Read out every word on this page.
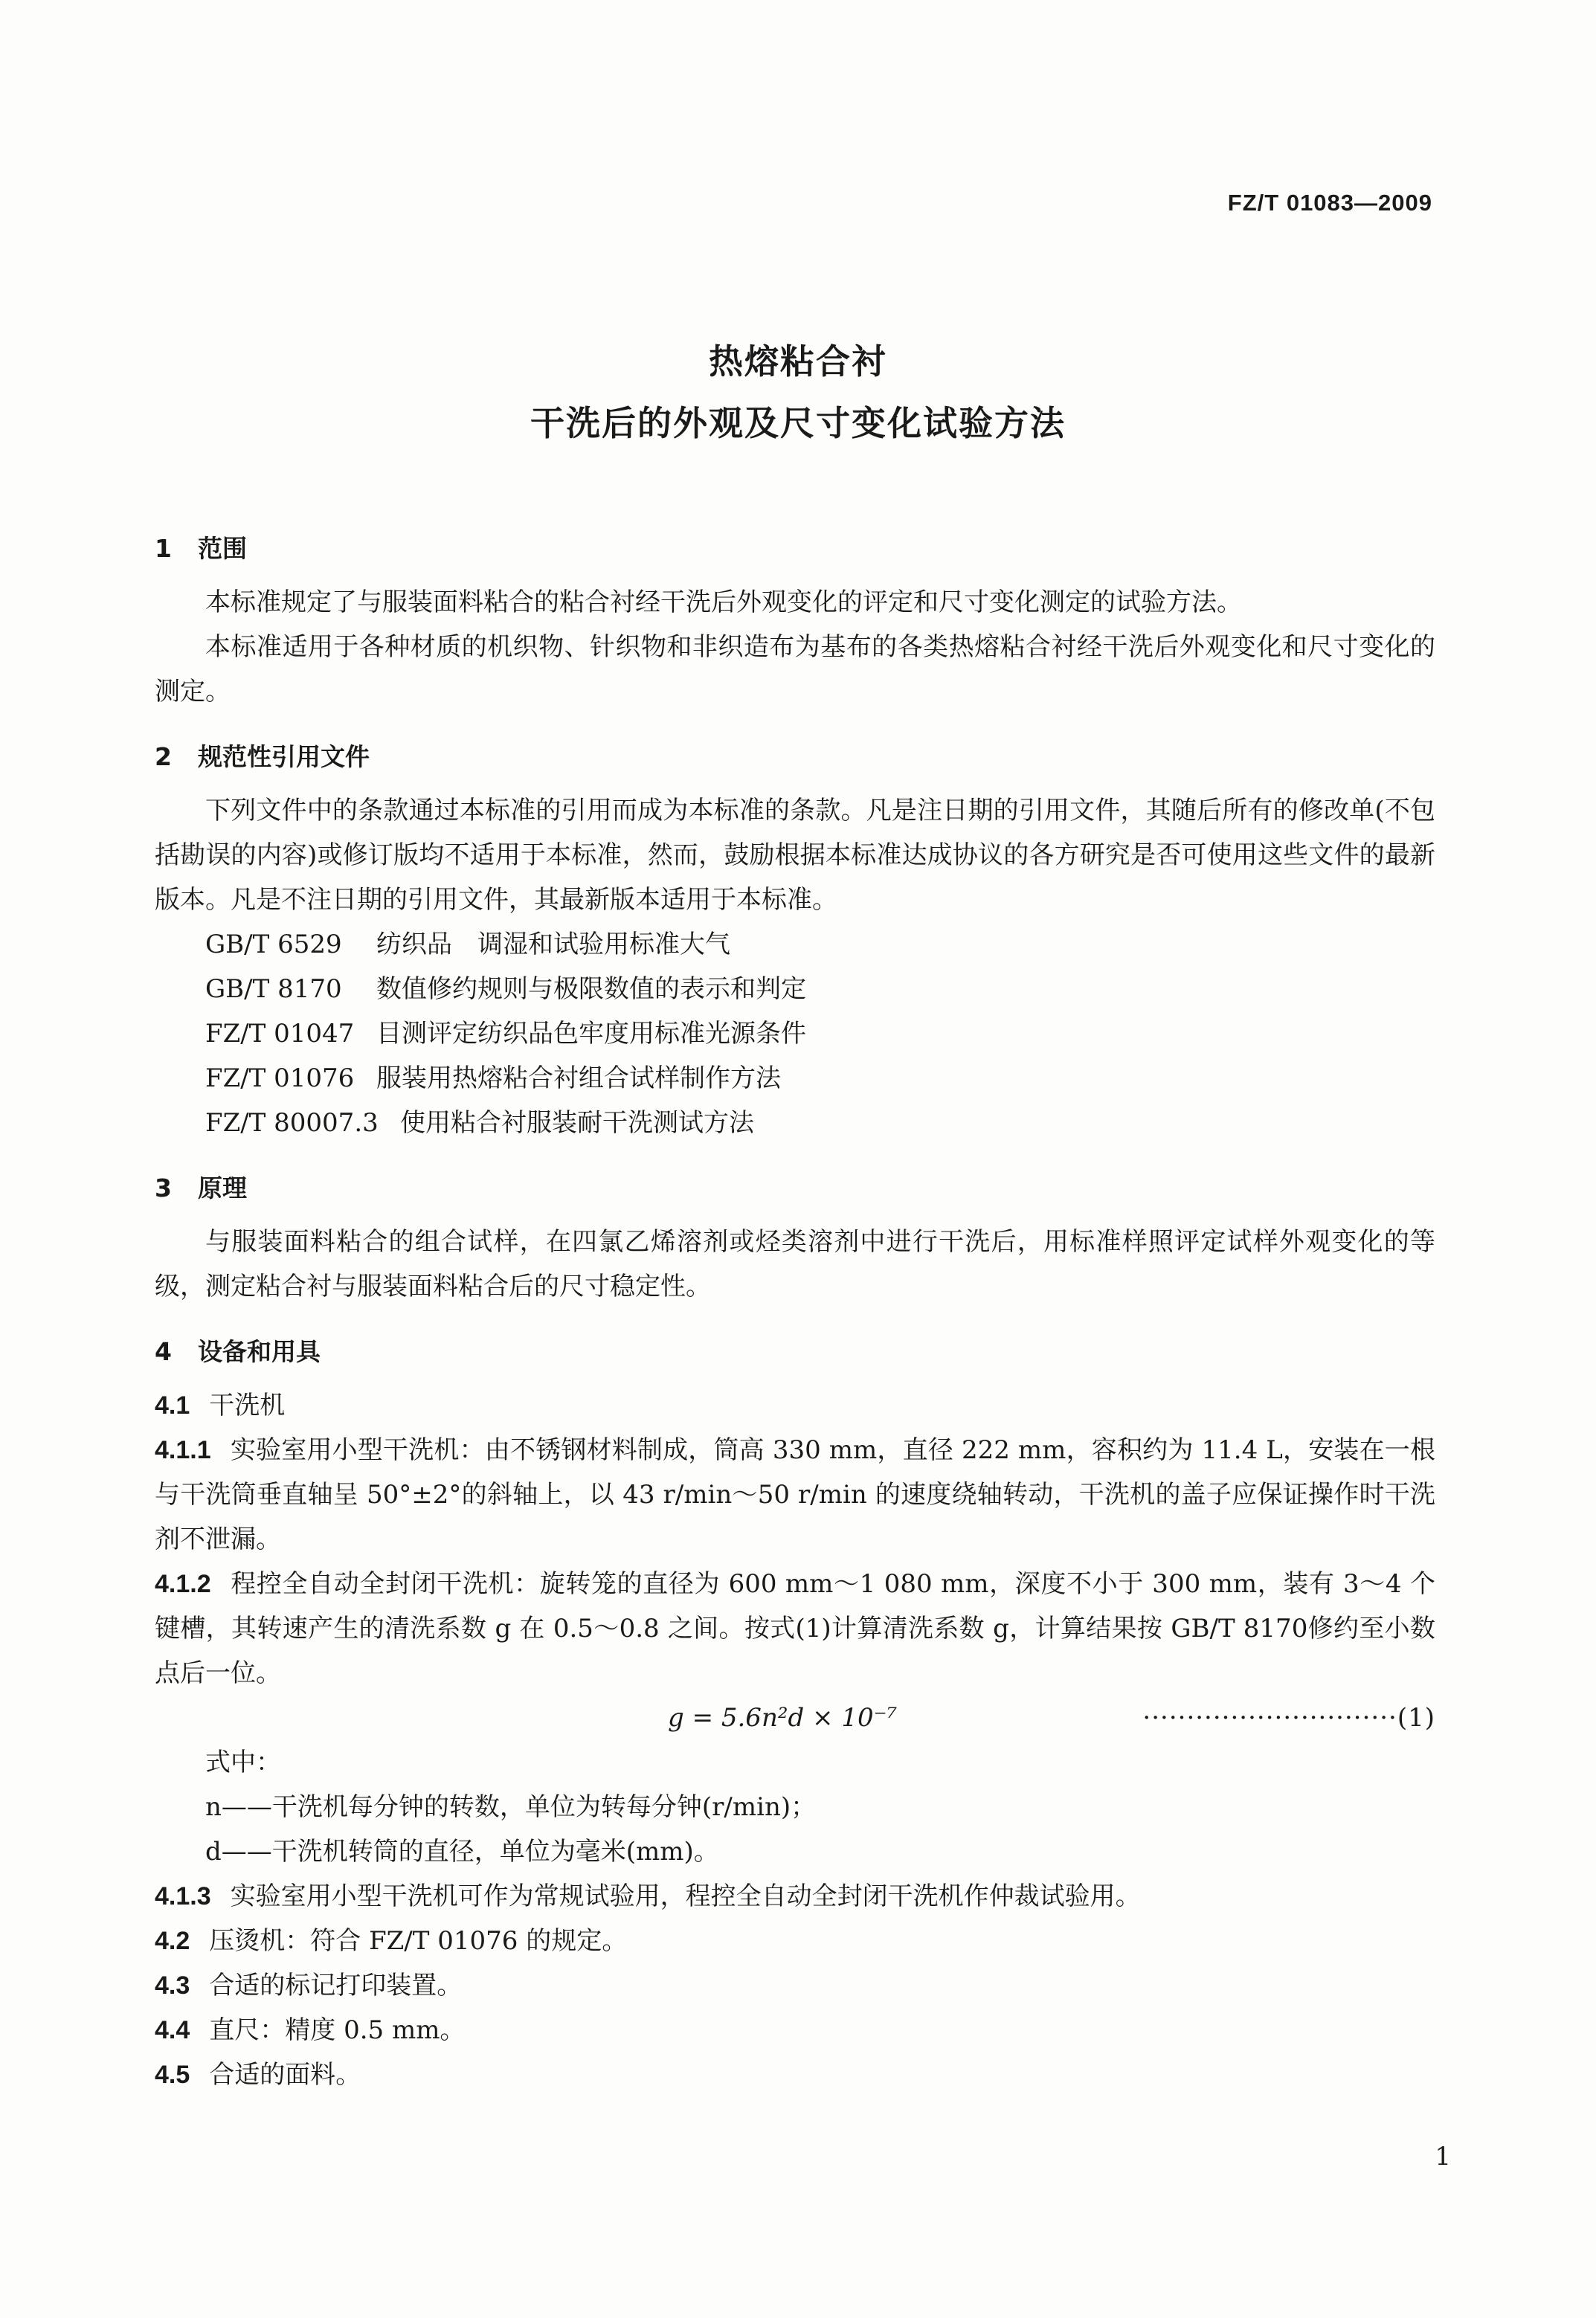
FZ/T 01083—2009
热熔粘合衬
干洗后的外观及尺寸变化试验方法
1 范围

本标准规定了与服装面料粘合的粘合衬经干洗后外观变化的评定和尺寸变化测定的试验方法。

本标准适用于各种材质的机织物、针织物和非织造布为基布的各类热熔粘合衬经干洗后外观变化和尺寸变化的测定。

2 规范性引用文件

下列文件中的条款通过本标准的引用而成为本标准的条款。凡是注日期的引用文件，其随后所有的修改单(不包括勘误的内容)或修订版均不适用于本标准，然而，鼓励根据本标准达成协议的各方研究是否可使用这些文件的最新版本。凡是不注日期的引用文件，其最新版本适用于本标准。

GB/T 6529 纺织品　调湿和试验用标准大气
GB/T 8170 数值修约规则与极限数值的表示和判定
FZ/T 01047 目测评定纺织品色牢度用标准光源条件
FZ/T 01076 服装用热熔粘合衬组合试样制作方法
FZ/T 80007.3 使用粘合衬服装耐干洗测试方法
3 原理

与服装面料粘合的组合试样，在四氯乙烯溶剂或烃类溶剂中进行干洗后，用标准样照评定试样外观变化的等级，测定粘合衬与服装面料粘合后的尺寸稳定性。

4 设备和用具

4.1 干洗机

4.1.1 实验室用小型干洗机：由不锈钢材料制成，筒高 330 mm，直径 222 mm，容积约为 11.4 L，安装在一根与干洗筒垂直轴呈 50°±2°的斜轴上，以 43 r/min～50 r/min 的速度绕轴转动，干洗机的盖子应保证操作时干洗剂不泄漏。

4.1.2 程控全自动全封闭干洗机：旋转笼的直径为 600 mm～1 080 mm，深度不小于 300 mm，装有 3～4 个键槽，其转速产生的清洗系数 g 在 0.5～0.8 之间。按式(1)计算清洗系数 g，计算结果按 GB/T 8170修约至小数点后一位。

g = 5.6n²d × 10⁻⁷	·····························(1)
式中：
n——干洗机每分钟的转数，单位为转每分钟(r/min)；
d——干洗机转筒的直径，单位为毫米(mm)。

4.1.3 实验室用小型干洗机可作为常规试验用，程控全自动全封闭干洗机作仲裁试验用。

4.2 压烫机：符合 FZ/T 01076 的规定。

4.3 合适的标记打印装置。

4.4 直尺：精度 0.5 mm。

4.5 合适的面料。

1
